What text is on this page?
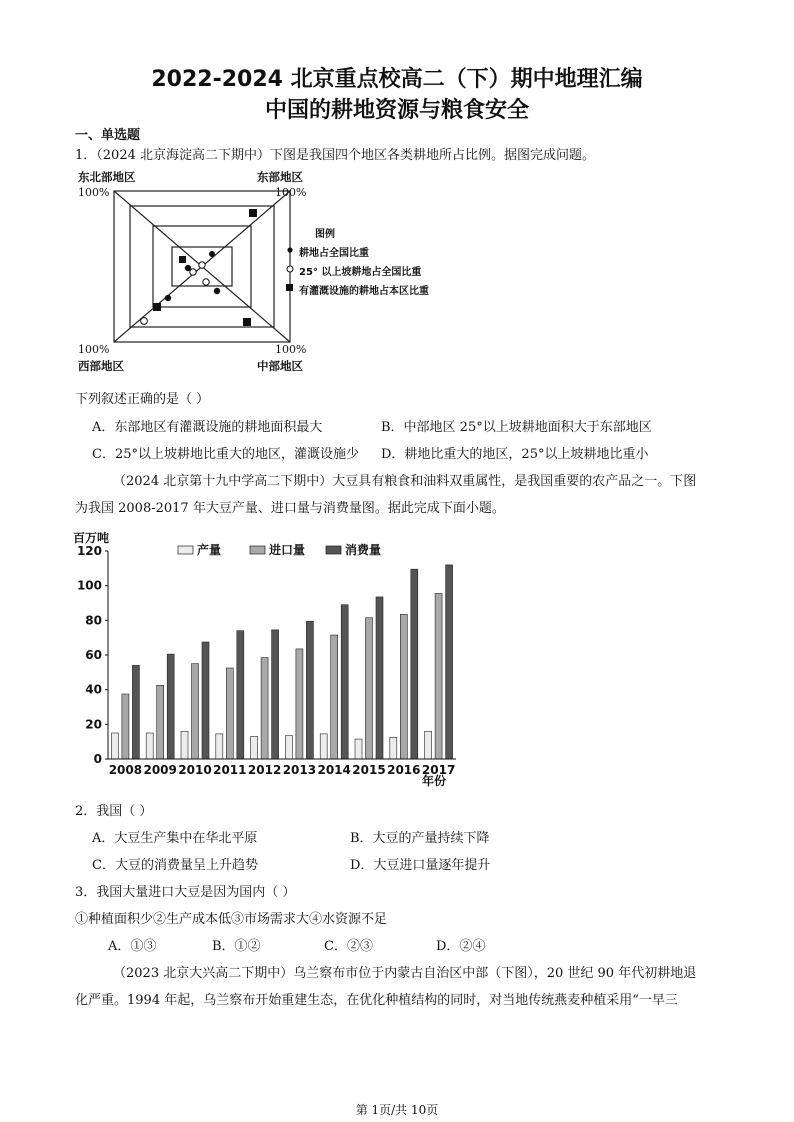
2022-2024 北京重点校高二（下）期中地理汇编
中国的耕地资源与粮食安全
一、单选题
1．（2024 北京海淀高二下期中）下图是我国四个地区各类耕地所占比例。据图完成问题。
东北部地区
100%
东部地区
100%
100%
西部地区
100%
中部地区
图例
耕地占全国比重
25° 以上坡耕地占全国比重
有灌溉设施的耕地占本区比重
下列叙述正确的是（ ）
A．东部地区有灌溉设施的耕地面积最大	B．中部地区 25°以上坡耕地面积大于东部地区
C．25°以上坡耕地比重大的地区，灌溉设施少 D．耕地比重大的地区，25°以上坡耕地比重小
（2024 北京第十九中学高二下期中）大豆具有粮食和油料双重属性，是我国重要的农产品之一。下图
为我国 2008-2017 年大豆产量、进口量与消费量图。据此完成下面小题。
百万吨
0
20
40
60
80
100
120
2008 2009 2010 2011 2012 2013 2014 2015 2016 2017
产量	进口量	消费量
年份
2．我国（ ）
A．大豆生产集中在华北平原	B．大豆的产量持续下降
C．大豆的消费量呈上升趋势	D．大豆进口量逐年提升
3．我国大量进口大豆是因为国内（ ）
①种植面积少②生产成本低③市场需求大④水资源不足
A．①③	B．①②	C．②③	D．②④
（2023 北京大兴高二下期中）乌兰察布市位于内蒙古自治区中部（下图），20 世纪 90 年代初耕地退
化严重。1994 年起，乌兰察布开始重建生态，在优化种植结构的同时，对当地传统燕麦种植采用“一早三
第 1页/共 10页
